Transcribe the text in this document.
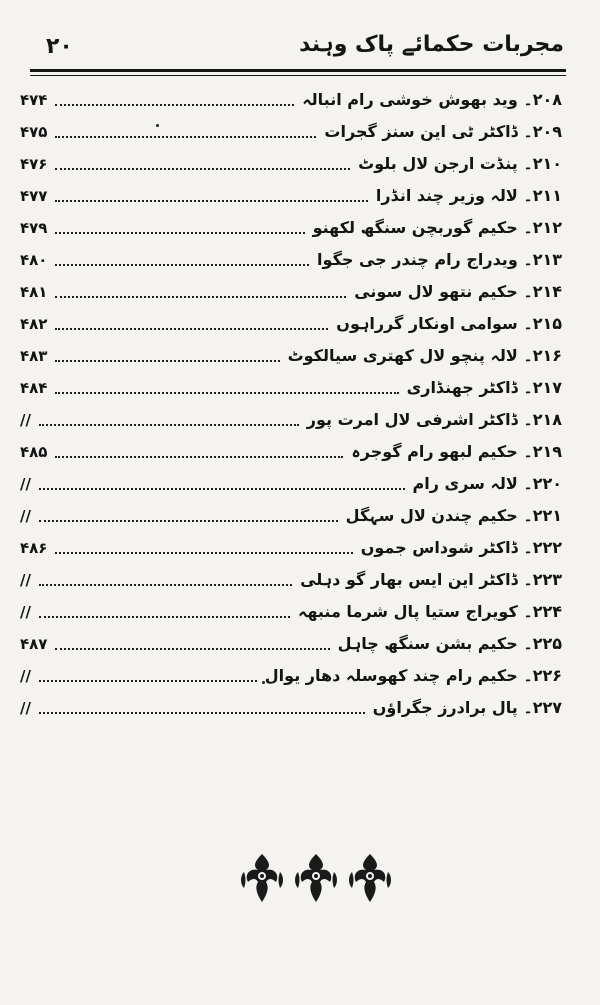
۲۰	مجربات حکمائے پاک وہند
۴۷۴	۲۰۸۔ وید بھوش خوشی رام انبالہ
۴۷۵	۲۰۹۔ ڈاکٹر ٹی این سنز گجرات
۴۷۶	۲۱۰۔ پنڈت ارجن لال بلوٹ
۴۷۷	۲۱۱۔ لالہ وزیر چند انڈرا
۴۷۹	۲۱۲۔ حکیم گوربچن سنگھ لکھنو
۴۸۰	۲۱۳۔ ویدراج رام چندر جی جگوا
۴۸۱	۲۱۴۔ حکیم نتھو لال سونی
۴۸۲	۲۱۵۔ سوامی اونکار گرراہوں
۴۸۳	۲۱۶۔ لالہ پنچو لال کھتری سیالکوٹ
۴۸۴	۲۱۷۔ ڈاکٹر جھنڈاری
//	۲۱۸۔ ڈاکٹر اشرفی لال امرت پور
۴۸۵	۲۱۹۔ حکیم لبھو رام گوجرہ
//	۲۲۰۔ لالہ سری رام
//	۲۲۱۔ حکیم چندن لال سہگل
۴۸۶	۲۲۲۔ ڈاکٹر شوداس جموں
//	۲۲۳۔ ڈاکٹر این ایس بھار گو دہلی
//	۲۲۴۔ کویراج ستیا پال شرما منبھہ
۴۸۷	۲۲۵۔ حکیم بشن سنگھ چاہل
//	۲۲۶۔ حکیم رام چند کھوسلہ دھار یوال
//	۲۲۷۔ پال برادرز جگراؤں
